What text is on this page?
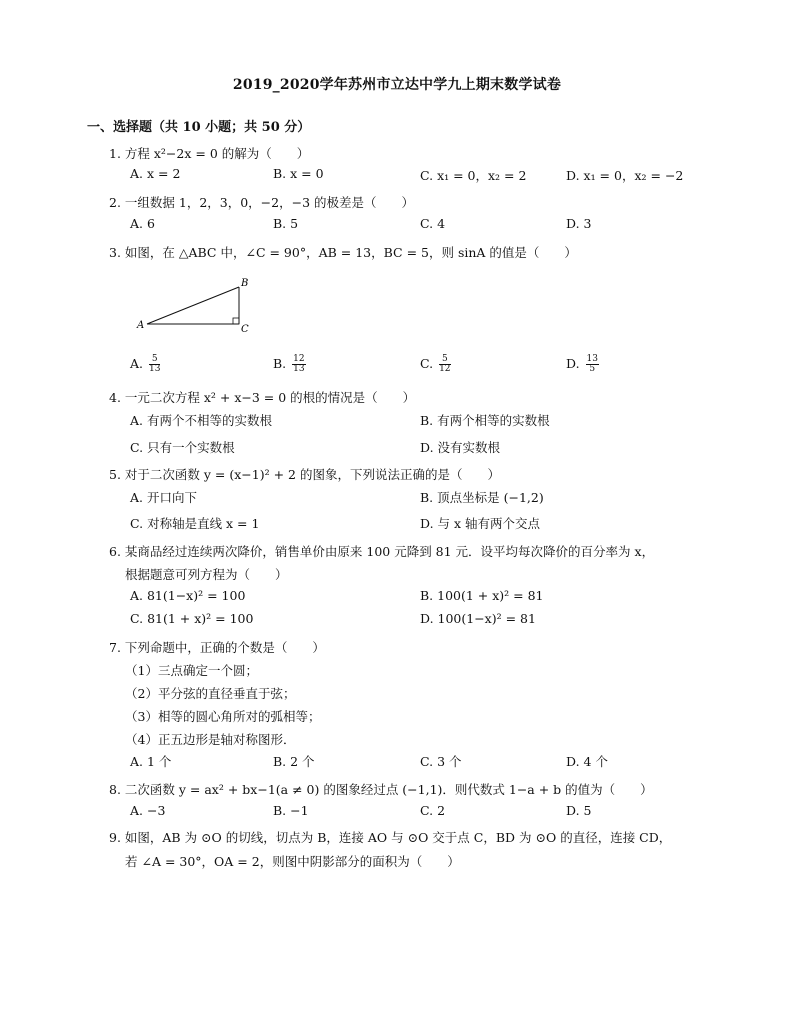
2019_2020学年苏州市立达中学九上期末数学试卷
一、选择题（共 10 小题；共 50 分）
1. 方程 x²−2x = 0 的解为（　　）
A. x = 2	B. x = 0	C. x₁ = 0，x₂ = 2	D. x₁ = 0，x₂ = −2
2. 一组数据 1，2，3，0，−2，−3 的极差是（　　）
A. 6	B. 5	C. 4	D. 3
3. 如图，在 △ABC 中，∠C = 90°，AB = 13，BC = 5，则 sinA 的值是（　　）
A
B
C
A. $\frac{5}{13}$	B. $\frac{12}{13}$	C. $\frac{5}{12}$	D. $\frac{13}{5}$
4. 一元二次方程 x² + x−3 = 0 的根的情况是（　　）
A. 有两个不相等的实数根	B. 有两个相等的实数根
C. 只有一个实数根	D. 没有实数根
5. 对于二次函数 y = (x−1)² + 2 的图象，下列说法正确的是（　　）
A. 开口向下	B. 顶点坐标是 (−1,2)
C. 对称轴是直线 x = 1	D. 与 x 轴有两个交点
6. 某商品经过连续两次降价，销售单价由原来 100 元降到 81 元．设平均每次降价的百分率为 x，
根据题意可列方程为（　　）
A. 81(1−x)² = 100	B. 100(1 + x)² = 81
C. 81(1 + x)² = 100	D. 100(1−x)² = 81
7. 下列命题中，正确的个数是（　　）
（1）三点确定一个圆；
（2）平分弦的直径垂直于弦；
（3）相等的圆心角所对的弧相等；
（4）正五边形是轴对称图形．
A. 1 个	B. 2 个	C. 3 个	D. 4 个
8. 二次函数 y = ax² + bx−1(a ≠ 0) 的图象经过点 (−1,1)．则代数式 1−a + b 的值为（　　）
A. −3	B. −1	C. 2	D. 5
9. 如图，AB 为 ⊙O 的切线，切点为 B，连接 AO 与 ⊙O 交于点 C，BD 为 ⊙O 的直径，连接 CD，
若 ∠A = 30°，OA = 2，则图中阴影部分的面积为（　　）
